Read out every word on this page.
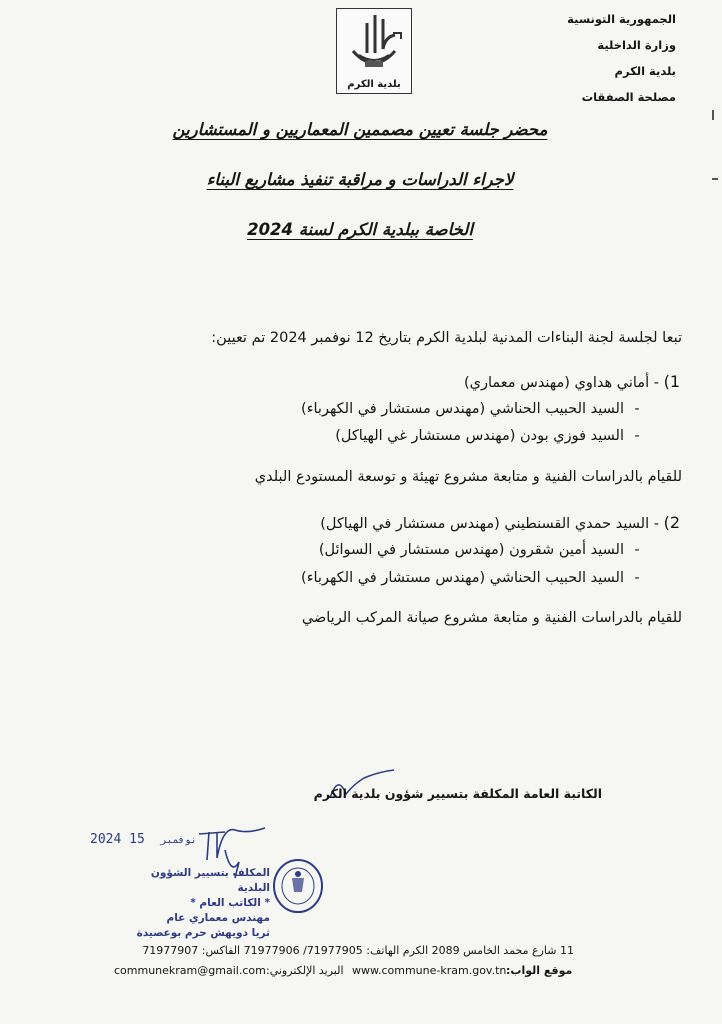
الجمهورية التونسية
وزارة الداخلية
بلدية الكرم
مصلحة الصفقات
بلدية الكرم
محضر جلسة تعيين مصممين المعماريين و المستشارين
لاجراء الدراسات و مراقبة تنفيذ مشاريع البناء
الخاصة ببلدية الكرم لسنة 2024
تبعا لجلسة لجنة البناءات المدنية لبلدية الكرم بتاريخ 12 نوفمبر 2024 تم تعيين:
1) - أماني هداوي (مهندس معماري)
-السيد الحبيب الحناشي (مهندس مستشار في الكهرباء)
-السيد فوزي بودن (مهندس مستشار غي الهياكل)
للقيام بالدراسات الفنية و متابعة مشروع تهيئة و توسعة المستودع البلدي
2) - السيد حمدي القسنطيني (مهندس مستشار في الهياكل)
-السيد أمين شقرون (مهندس مستشار في السوائل)
-السيد الحبيب الحناشي (مهندس مستشار في الكهرباء)
للقيام بالدراسات الفنية و متابعة مشروع صيانة المركب الرياضي
الكاتبة العامة المكلفة بتسيير شؤون بلدية الكرم
2024	نوفمبر 15
المكلف بتسيير الشؤون البلدية
* الكاتب العام *
مهندس معماري عام
ثريا دويهش حرم بوعصيدة
11 شارع محمد الخامس 2089 الكرم الهاتف: 71977905/ 71977906 الفاكس: 71977907
communekram@gmail.com البريد الإلكتروني: www.commune-kram.gov.tn موقع الواب:
